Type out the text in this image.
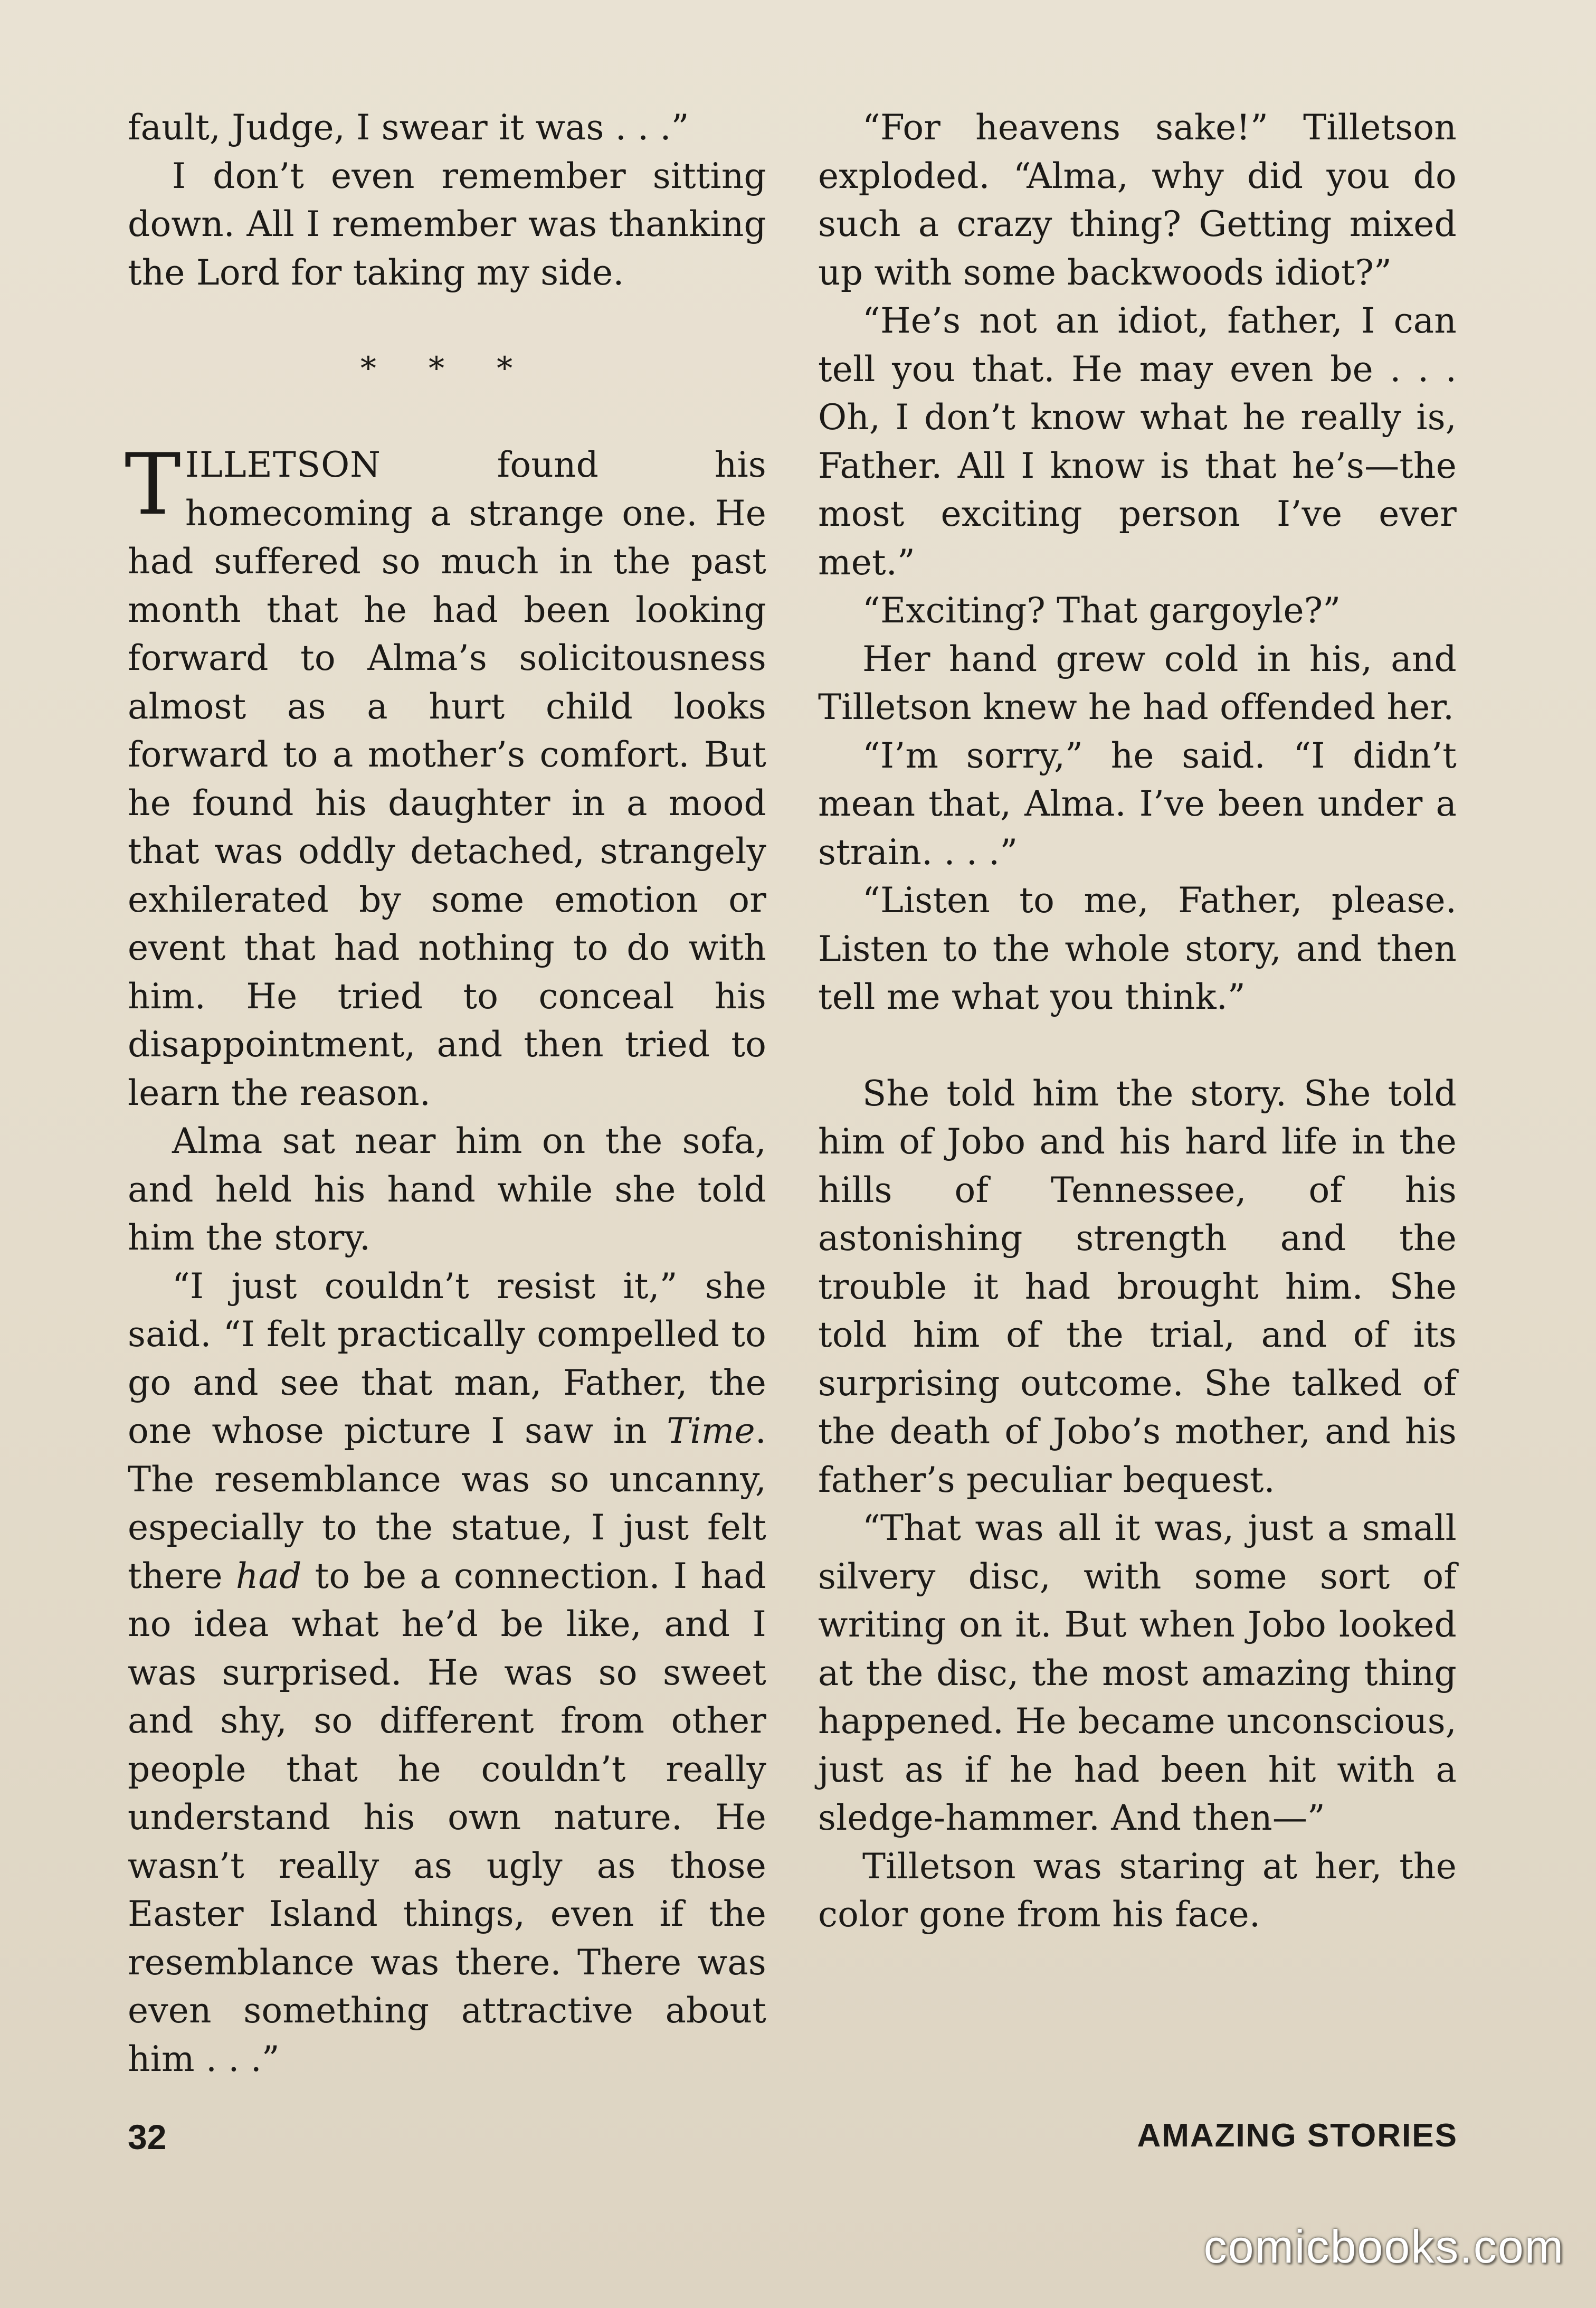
fault, Judge, I swear it was . . .”

I don’t even remember sitting down. All I remember was thanking the Lord for taking my side.

* * *

TILLETSON found his homecoming a strange one. He had suffered so much in the past month that he had been looking forward to Alma’s solicitousness almost as a hurt child looks forward to a mother’s comfort. But he found his daughter in a mood that was oddly detached, strangely exhilerated by some emotion or event that had nothing to do with him. He tried to conceal his disappointment, and then tried to learn the reason.

Alma sat near him on the sofa, and held his hand while she told him the story.

“I just couldn’t resist it,” she said. “I felt practically compelled to go and see that man, Father, the one whose picture I saw in Time. The resemblance was so uncanny, especially to the statue, I just felt there had to be a connection. I had no idea what he’d be like, and I was surprised. He was so sweet and shy, so different from other people that he couldn’t really understand his own nature. He wasn’t really as ugly as those Easter Island things, even if the resemblance was there. There was even something attractive about him . . .”

“For heavens sake!” Tilletson exploded. “Alma, why did you do such a crazy thing? Getting mixed up with some backwoods idiot?”

“He’s not an idiot, father, I can tell you that. He may even be . . . Oh, I don’t know what he really is, Father. All I know is that he’s—the most exciting person I’ve ever met.”

“Exciting? That gargoyle?”

Her hand grew cold in his, and Tilletson knew he had offended her.

“I’m sorry,” he said. “I didn’t mean that, Alma. I’ve been under a strain. . . .”

“Listen to me, Father, please. Listen to the whole story, and then tell me what you think.”

She told him the story. She told him of Jobo and his hard life in the hills of Tennessee, of his astonishing strength and the trouble it had brought him. She told him of the trial, and of its surprising outcome. She talked of the death of Jobo’s mother, and his father’s peculiar bequest.

“That was all it was, just a small silvery disc, with some sort of writing on it. But when Jobo looked at the disc, the most amazing thing happened. He became unconscious, just as if he had been hit with a sledge-hammer. And then—”

Tilletson was staring at her, the color gone from his face.

32	AMAZING STORIES
comicbooks.com
